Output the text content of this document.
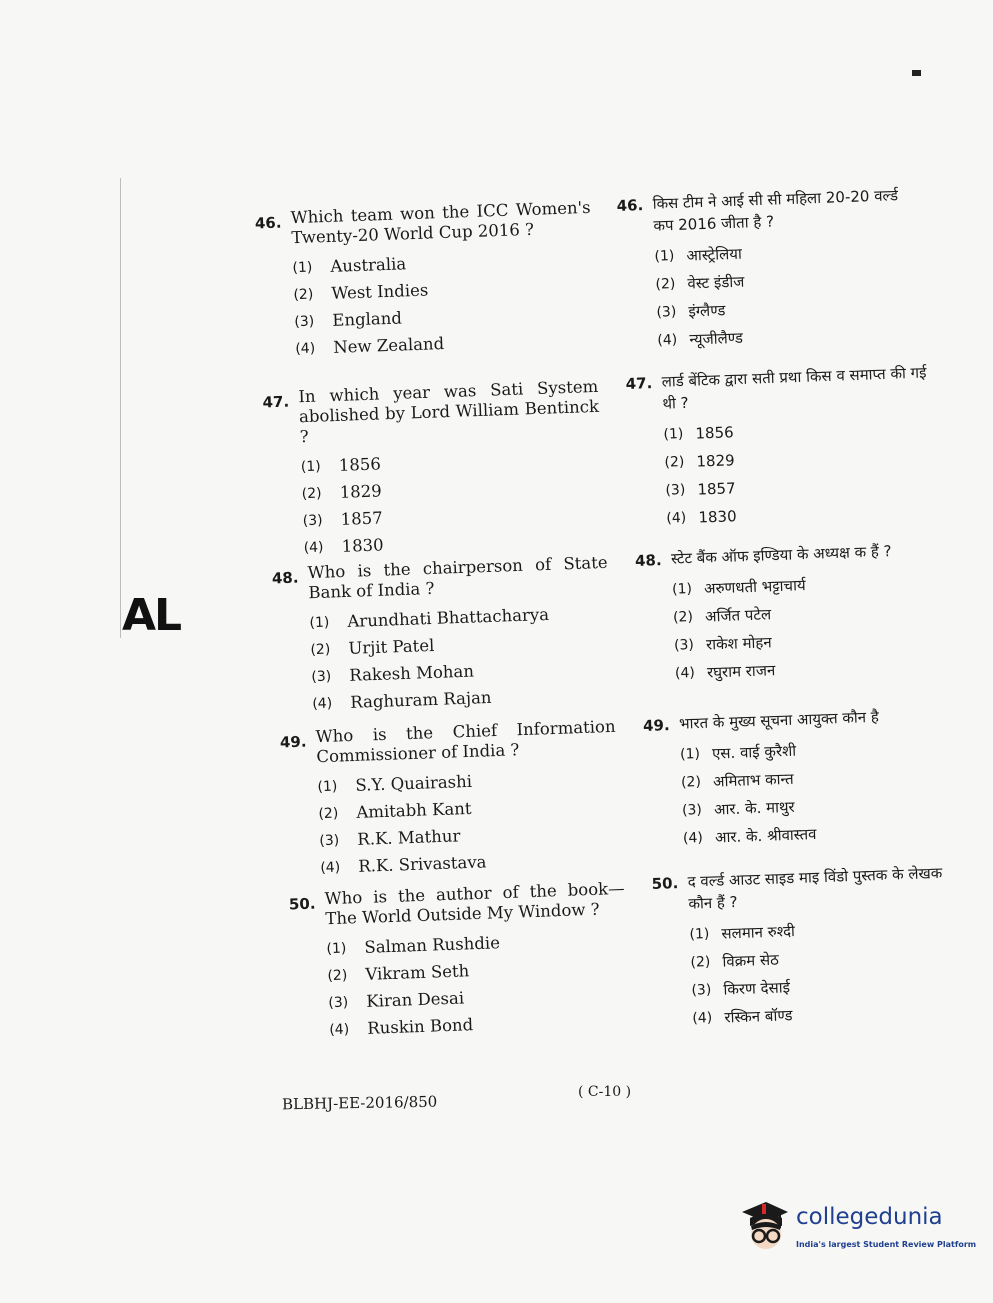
AL
46. Which team won the ICC Women's Twenty-20 World Cup 2016 ?

(1)	Australia
(2)	West Indies
(3)	England
(4)	New Zealand
47. In which year was Sati System abolished by Lord William Bentinck ?

(1)	1856
(2)	1829
(3)	1857
(4)	1830
48. Who is the chairperson of State Bank of India ?

(1)	Arundhati Bhattacharya
(2)	Urjit Patel
(3)	Rakesh Mohan
(4)	Raghuram Rajan
49. Who is the Chief Information Commissioner of India ?

(1)	S.Y. Quairashi
(2)	Amitabh Kant
(3)	R.K. Mathur
(4)	R.K. Srivastava
50. Who is the author of the book— The World Outside My Window ?

(1)	Salman Rushdie
(2)	Vikram Seth
(3)	Kiran Desai
(4)	Ruskin Bond
46. किस टीम ने आई सी सी महिला 20-20 वर्ल्ड कप 2016 जीता है ?

(1) आस्ट्रेलिया
(2) वेस्ट इंडीज
(3) इंग्लैण्ड
(4) न्यूजीलैण्ड
47. लार्ड बेंटिक द्वारा सती प्रथा किस व समाप्त की गई थी ?

(1) 1856
(2) 1829
(3) 1857
(4) 1830
48. स्टेट बैंक ऑफ इण्डिया के अध्यक्ष क हैं ?

(1) अरुणधती भट्टाचार्य
(2) अर्जित पटेल
(3) राकेश मोहन
(4) रघुराम राजन
49. भारत के मुख्य सूचना आयुक्त कौन है

(1) एस. वाई कुरैशी
(2) अमिताभ कान्त
(3) आर. के. माथुर
(4) आर. के. श्रीवास्तव
50. द वर्ल्ड आउट साइड माइ विंडो पुस्तक के लेखक कौन हैं ?

(1) सलमान रुश्दी
(2) विक्रम सेठ
(3) किरण देसाई
(4) रस्किन बॉण्ड
BLBHJ-EE-2016/850
( C-10 )
collegedunia
India's largest Student Review Platform
